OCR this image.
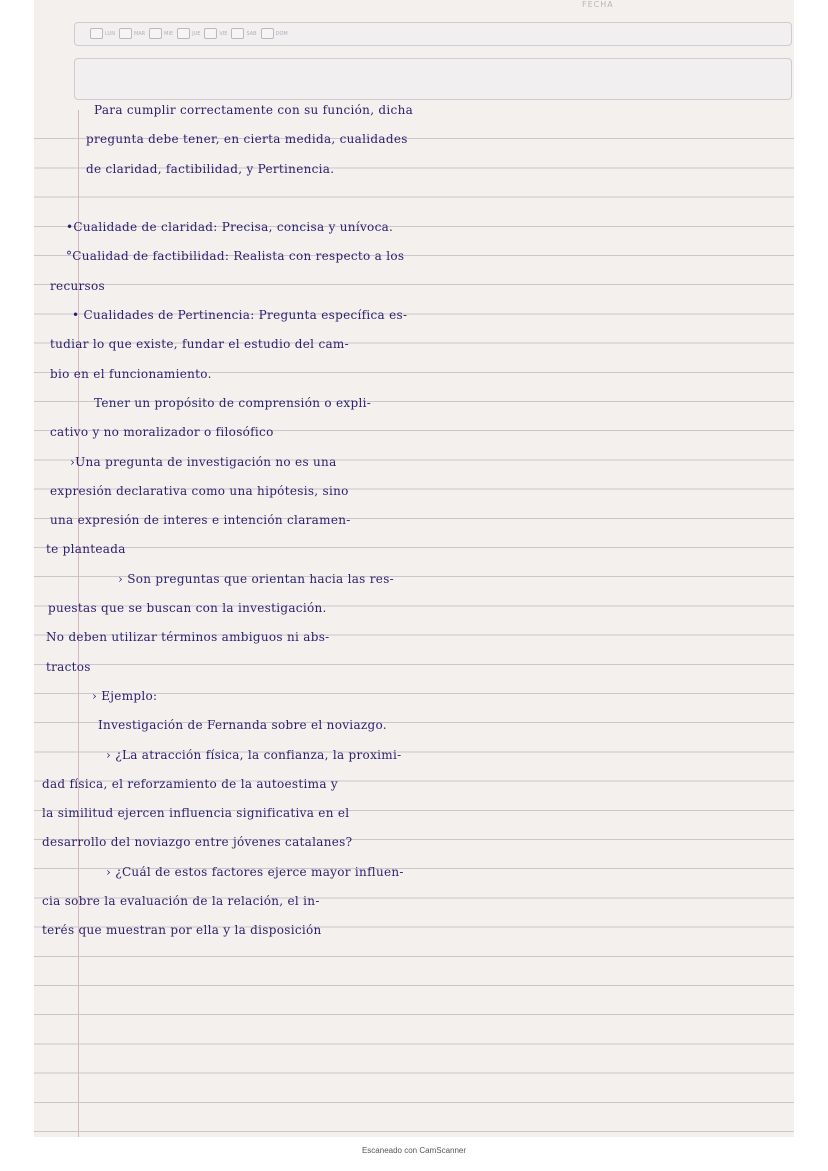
FECHA
LUN	MAR	MIE	JUE	VIE	SAB	DOM
Para cumplir correctamente con su función, dicha
pregunta debe tener, en cierta medida, cualidades
de claridad, factibilidad, y Pertinencia.
•Cualidade de claridad: Precisa, concisa y unívoca.
°Cualidad de factibilidad: Realista con respecto a los
recursos
• Cualidades de Pertinencia: Pregunta específica es-
tudiar lo que existe, fundar el estudio del cam-
bio en el funcionamiento.
Tener un propósito de comprensión o expli-
cativo y no moralizador o filosófico
›Una pregunta de investigación no es una
expresión declarativa como una hipótesis, sino
una expresión de interes e intención claramen-
te planteada
› Son preguntas que orientan hacia las res-
puestas que se buscan con la investigación.
No deben utilizar términos ambiguos ni abs-
tractos
› Ejemplo:
Investigación de Fernanda sobre el noviazgo.
› ¿La atracción física, la confianza, la proximi-
dad física, el reforzamiento de la autoestima y
la similitud ejercen influencia significativa en el
desarrollo del noviazgo entre jóvenes catalanes?
› ¿Cuál de estos factores ejerce mayor influen-
cia sobre la evaluación de la relación, el in-
terés que muestran por ella y la disposición
Escaneado con CamScanner
